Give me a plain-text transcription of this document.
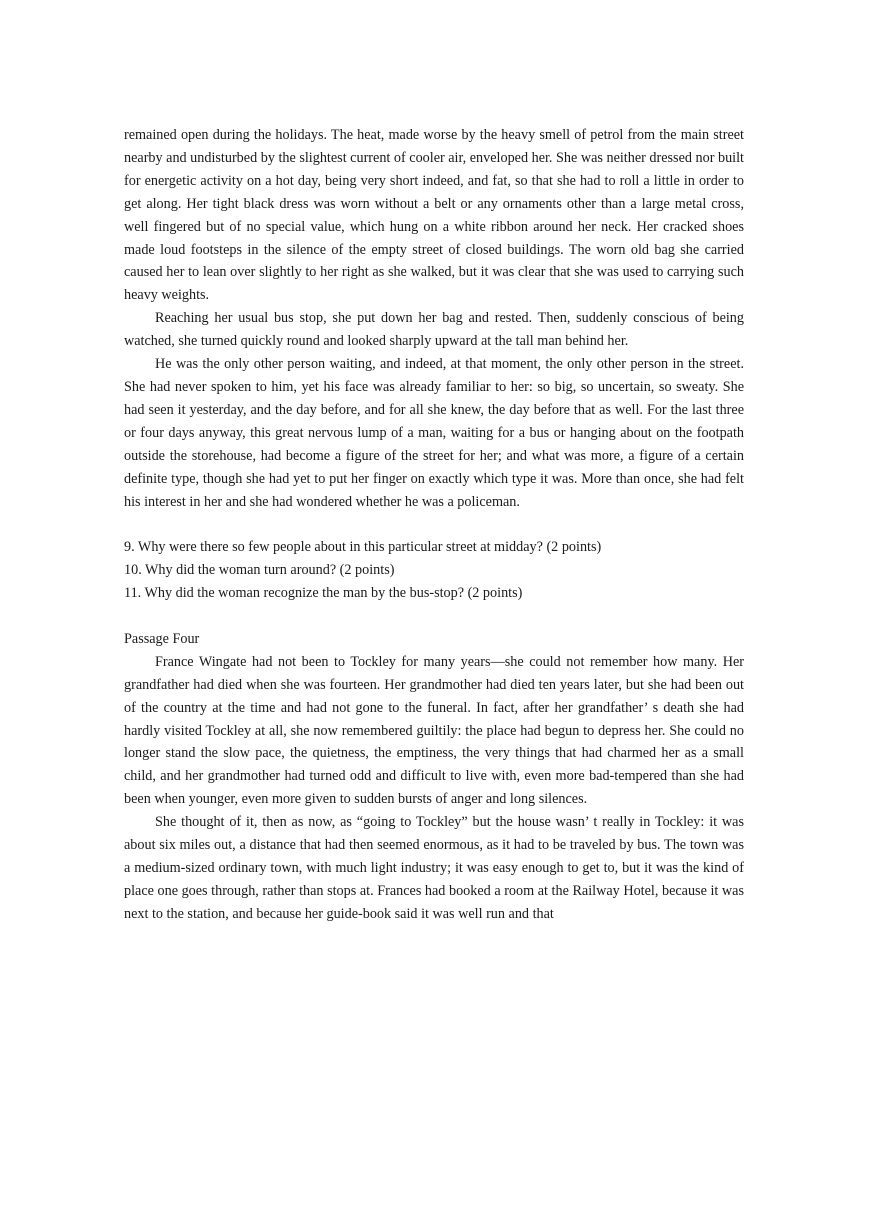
remained open during the holidays. The heat, made worse by the heavy smell of petrol from the main street nearby and undisturbed by the slightest current of cooler air, enveloped her. She was neither dressed nor built for energetic activity on a hot day, being very short indeed, and fat, so that she had to roll a little in order to get along. Her tight black dress was worn without a belt or any ornaments other than a large metal cross, well fingered but of no special value, which hung on a white ribbon around her neck. Her cracked shoes made loud footsteps in the silence of the empty street of closed buildings. The worn old bag she carried caused her to lean over slightly to her right as she walked, but it was clear that she was used to carrying such heavy weights.

Reaching her usual bus stop, she put down her bag and rested. Then, suddenly conscious of being watched, she turned quickly round and looked sharply upward at the tall man behind her.

He was the only other person waiting, and indeed, at that moment, the only other person in the street. She had never spoken to him, yet his face was already familiar to her: so big, so uncertain, so sweaty. She had seen it yesterday, and the day before, and for all she knew, the day before that as well. For the last three or four days anyway, this great nervous lump of a man, waiting for a bus or hanging about on the footpath outside the storehouse, had become a figure of the street for her; and what was more, a figure of a certain definite type, though she had yet to put her finger on exactly which type it was. More than once, she had felt his interest in her and she had wondered whether he was a policeman.

9. Why were there so few people about in this particular street at midday? (2 points)

10. Why did the woman turn around? (2 points)

11. Why did the woman recognize the man by the bus-stop? (2 points)

Passage Four

France Wingate had not been to Tockley for many years—she could not remember how many. Her grandfather had died when she was fourteen. Her grandmother had died ten years later, but she had been out of the country at the time and had not gone to the funeral. In fact, after her grandfather’ s death she had hardly visited Tockley at all, she now remembered guiltily: the place had begun to depress her. She could no longer stand the slow pace, the quietness, the emptiness, the very things that had charmed her as a small child, and her grandmother had turned odd and difficult to live with, even more bad-tempered than she had been when younger, even more given to sudden bursts of anger and long silences.

She thought of it, then as now, as “going to Tockley” but the house wasn’ t really in Tockley: it was about six miles out, a distance that had then seemed enormous, as it had to be traveled by bus. The town was a medium-sized ordinary town, with much light industry; it was easy enough to get to, but it was the kind of place one goes through, rather than stops at. Frances had booked a room at the Railway Hotel, because it was next to the station, and because her guide-book said it was well run and that
